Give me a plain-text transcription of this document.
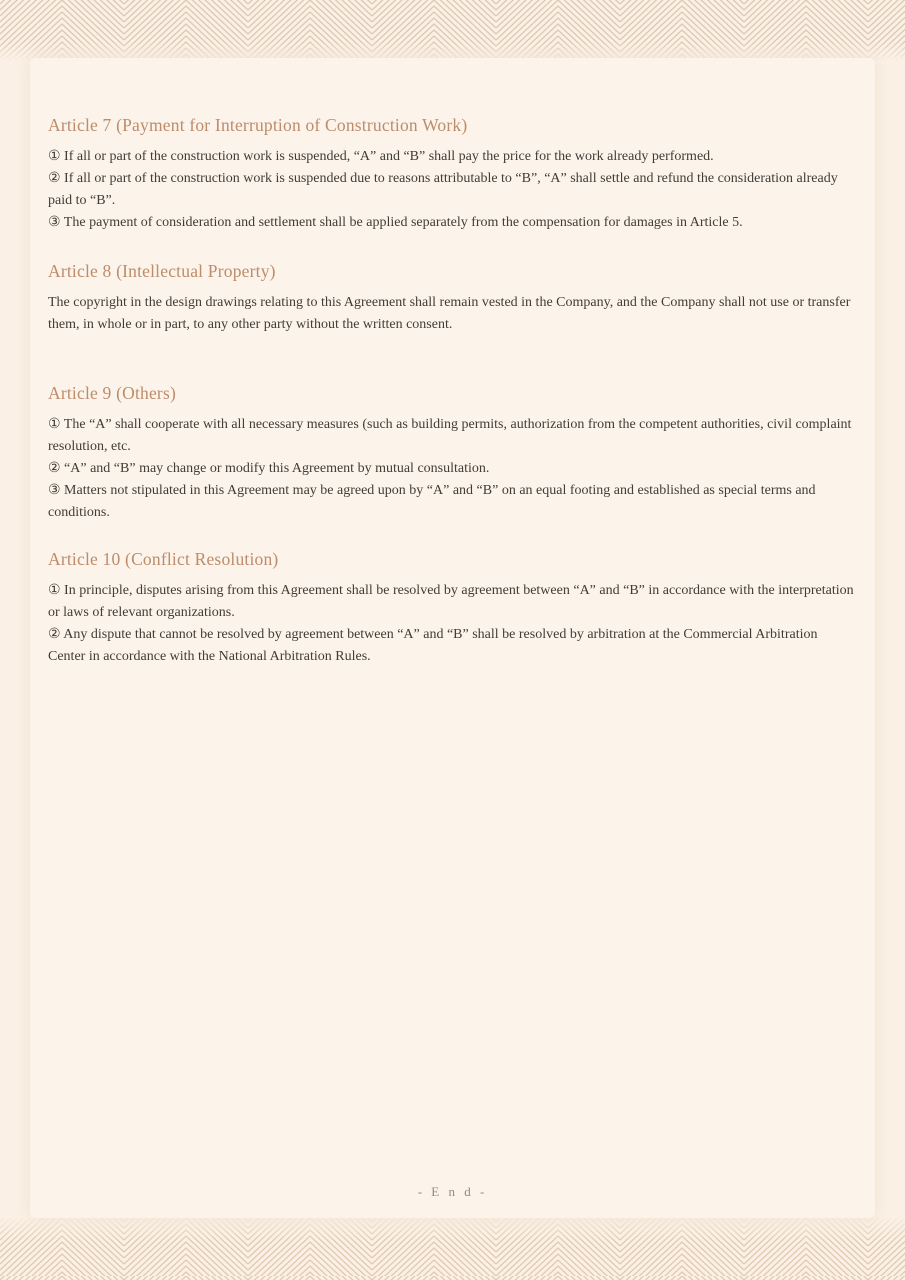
Article 7 (Payment for Interruption of Construction Work)

① If all or part of the construction work is suspended, “A” and “B” shall pay the price for the work already performed.

② If all or part of the construction work is suspended due to reasons attributable to “B”, “A” shall settle and refund the consideration already paid to “B”.

③ The payment of consideration and settlement shall be applied separately from the compensation for damages in Article 5.

Article 8 (Intellectual Property)

The copyright in the design drawings relating to this Agreement shall remain vested in the Company, and the Company shall not use or transfer them, in whole or in part, to any other party without the written consent.

Article 9 (Others)

① The “A” shall cooperate with all necessary measures (such as building permits, authorization from the competent authorities, civil complaint resolution, etc.

② “A” and “B” may change or modify this Agreement by mutual consultation.

③ Matters not stipulated in this Agreement may be agreed upon by “A” and “B” on an equal footing and established as special terms and conditions.

Article 10 (Conflict Resolution)

① In principle, disputes arising from this Agreement shall be resolved by agreement between “A” and “B” in accordance with the interpretation or laws of relevant organizations.

② Any dispute that cannot be resolved by agreement between “A” and “B” shall be resolved by arbitration at the Commercial Arbitration Center in accordance with the National Arbitration Rules.

- E n d -
